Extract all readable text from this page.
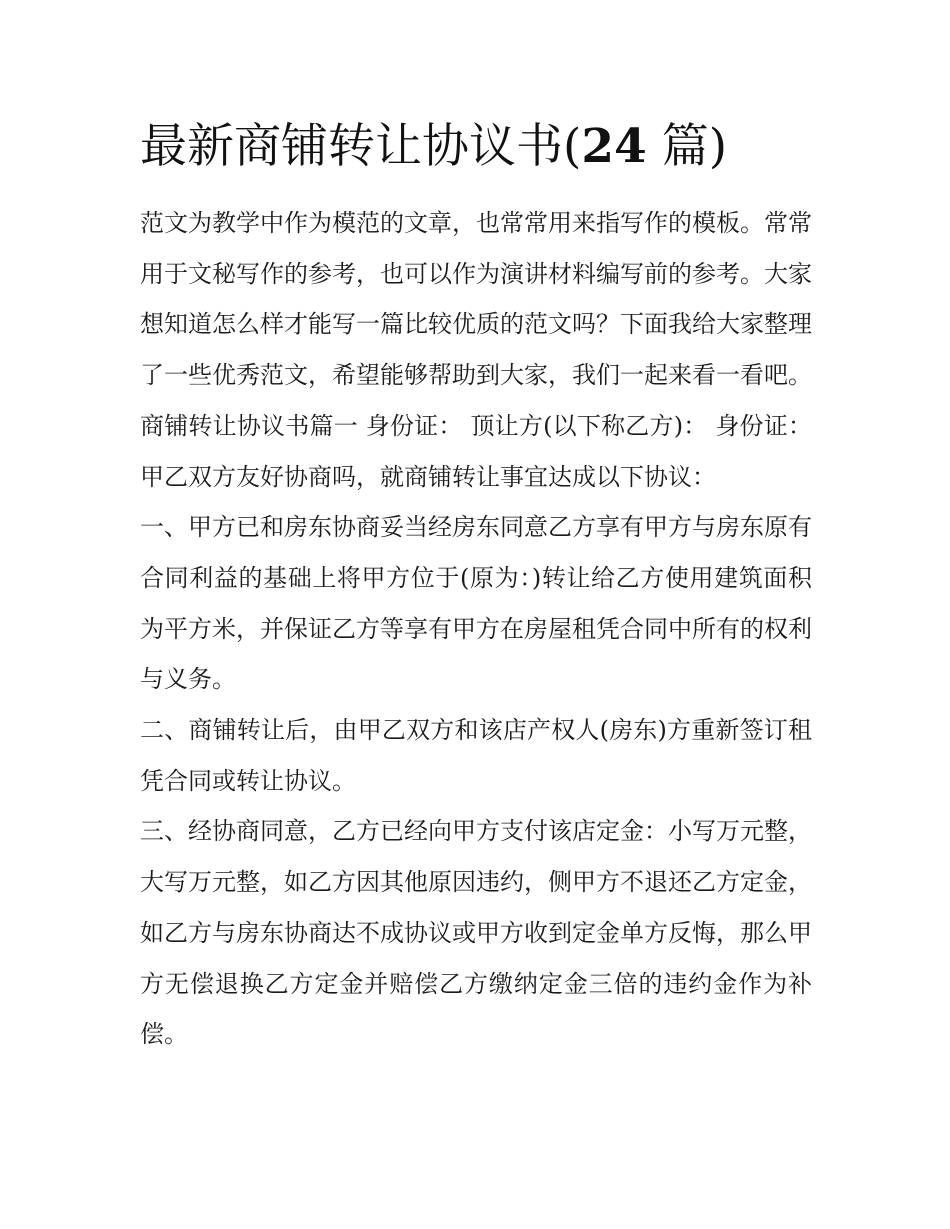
最新商铺转让协议书(24 篇)

范文为教学中作为模范的文章，也常常用来指写作的模板。常常用于文秘写作的参考，也可以作为演讲材料编写前的参考。大家想知道怎么样才能写一篇比较优质的范文吗？下面我给大家整理了一些优秀范文，希望能够帮助到大家，我们一起来看一看吧。

商铺转让协议书篇一 身份证： 顶让方(以下称乙方)： 身份证： 甲乙双方友好协商吗，就商铺转让事宜达成以下协议：

一、甲方已和房东协商妥当经房东同意乙方享有甲方与房东原有合同利益的基础上将甲方位于(原为：)转让给乙方使用建筑面积为平方米，并保证乙方等享有甲方在房屋租凭合同中所有的权利与义务。

二、商铺转让后，由甲乙双方和该店产权人(房东)方重新签订租凭合同或转让协议。

三、经协商同意，乙方已经向甲方支付该店定金：小写万元整，大写万元整，如乙方因其他原因违约，侧甲方不退还乙方定金，如乙方与房东协商达不成协议或甲方收到定金单方反悔，那么甲方无偿退换乙方定金并赔偿乙方缴纳定金三倍的违约金作为补偿。
